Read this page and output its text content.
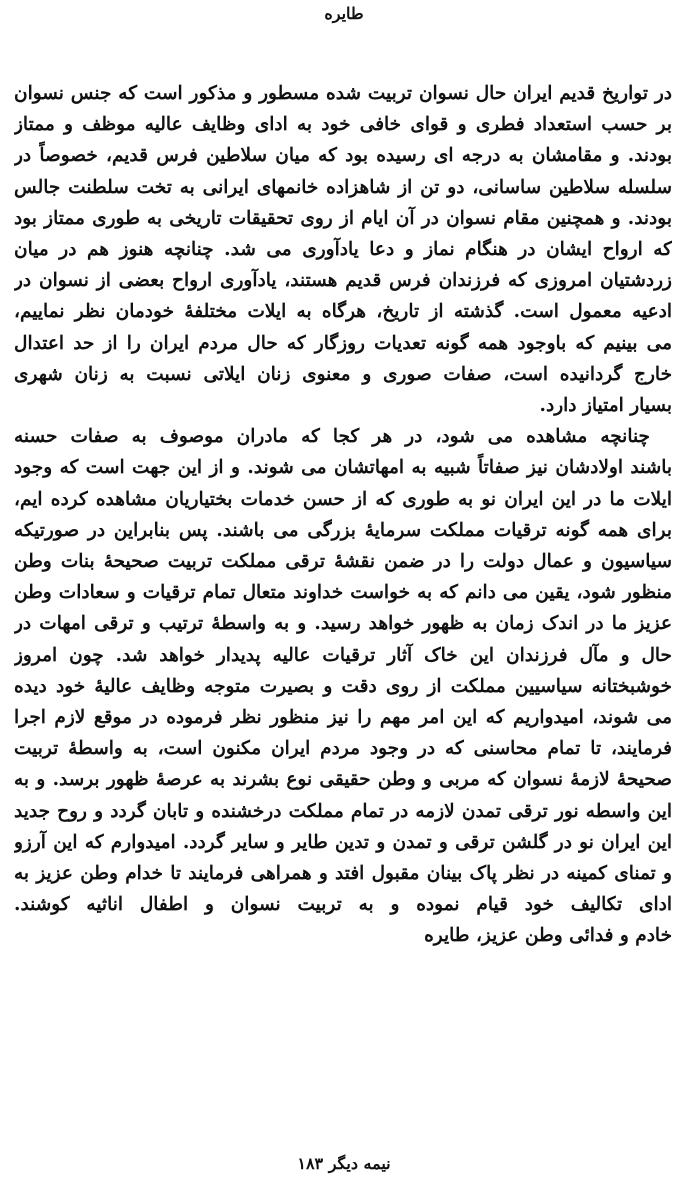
طایره
در تواریخ قدیم ایران حال نسوان تربیت شده مسطور و مذکور است که جنس نسوان
بر حسب استعداد فطری و قوای خافی خود به ادای وظایف عالیه موظف و ممتاز
بودند. و مقامشان به درجه ای رسیده بود که میان سلاطین فرس قدیم، خصوصاً در
سلسله سلاطین ساسانی، دو تن از شاهزاده خانمهای ایرانی به تخت سلطنت جالس
بودند. و همچنین مقام نسوان در آن ایام از روی تحقیقات تاریخی به طوری ممتاز بود
که ارواح ایشان در هنگام نماز و دعا یادآوری می شد. چنانچه هنوز هم در میان
زردشتیان امروزی که فرزندان فرس قدیم هستند، یادآوری ارواح بعضی از نسوان در
ادعیه معمول است. گذشته از تاریخ، هرگاه به ایلات مختلفهٔ خودمان نظر نماییم،
می بینیم که باوجود همه گونه تعدیات روزگار که حال مردم ایران را از حد اعتدال
خارج گردانیده است، صفات صوری و معنوی زنان ایلاتی نسبت به زنان شهری
بسیار امتیاز دارد.
چنانچه مشاهده می شود، در هر کجا که مادران موصوف به صفات حسنه
باشند اولادشان نیز صفاتاً شبیه به امهاتشان می شوند. و از این جهت است که وجود
ایلات ما در این ایران نو به طوری که از حسن خدمات بختیاریان مشاهده کرده ایم،
برای همه گونه ترقیات مملکت سرمایهٔ بزرگی می باشند. پس بنابراین در صورتیکه
سیاسیون و عمال دولت را در ضمن نقشهٔ ترقی مملکت تربیت صحیحهٔ بنات وطن
منظور شود، یقین می دانم که به خواست خداوند متعال تمام ترقیات و سعادات وطن
عزیز ما در اندک زمان به ظهور خواهد رسید. و به واسطهٔ ترتیب و ترقی امهات در
حال و مآل فرزندان این خاک آثار ترقیات عالیه پدیدار خواهد شد. چون امروز
خوشبختانه سیاسیین مملکت از روی دقت و بصیرت متوجه وظایف عالیهٔ خود دیده
می شوند، امیدواریم که این امر مهم را نیز منظور نظر فرموده در موقع لازم اجرا
فرمایند، تا تمام محاسنی که در وجود مردم ایران مکنون است، به واسطهٔ تربیت
صحیحهٔ لازمهٔ نسوان که مربی و وطن حقیقی نوع بشرند به عرصهٔ ظهور برسد. و به
این واسطه نور ترقی تمدن لازمه در تمام مملکت درخشنده و تابان گردد و روح جدید
این ایران نو در گلشن ترقی و تمدن و تدین طایر و سایر گردد. امیدوارم که این آرزو
و تمنای کمینه در نظر پاک بینان مقبول افتد و همراهی فرمایند تا خدام وطن عزیز به
ادای تکالیف خود قیام نموده و به تربیت نسوان و اطفال اناثیه کوشند.
خادم و فدائی وطن عزیز، طایره
نیمه دیگر ۱۸۳
